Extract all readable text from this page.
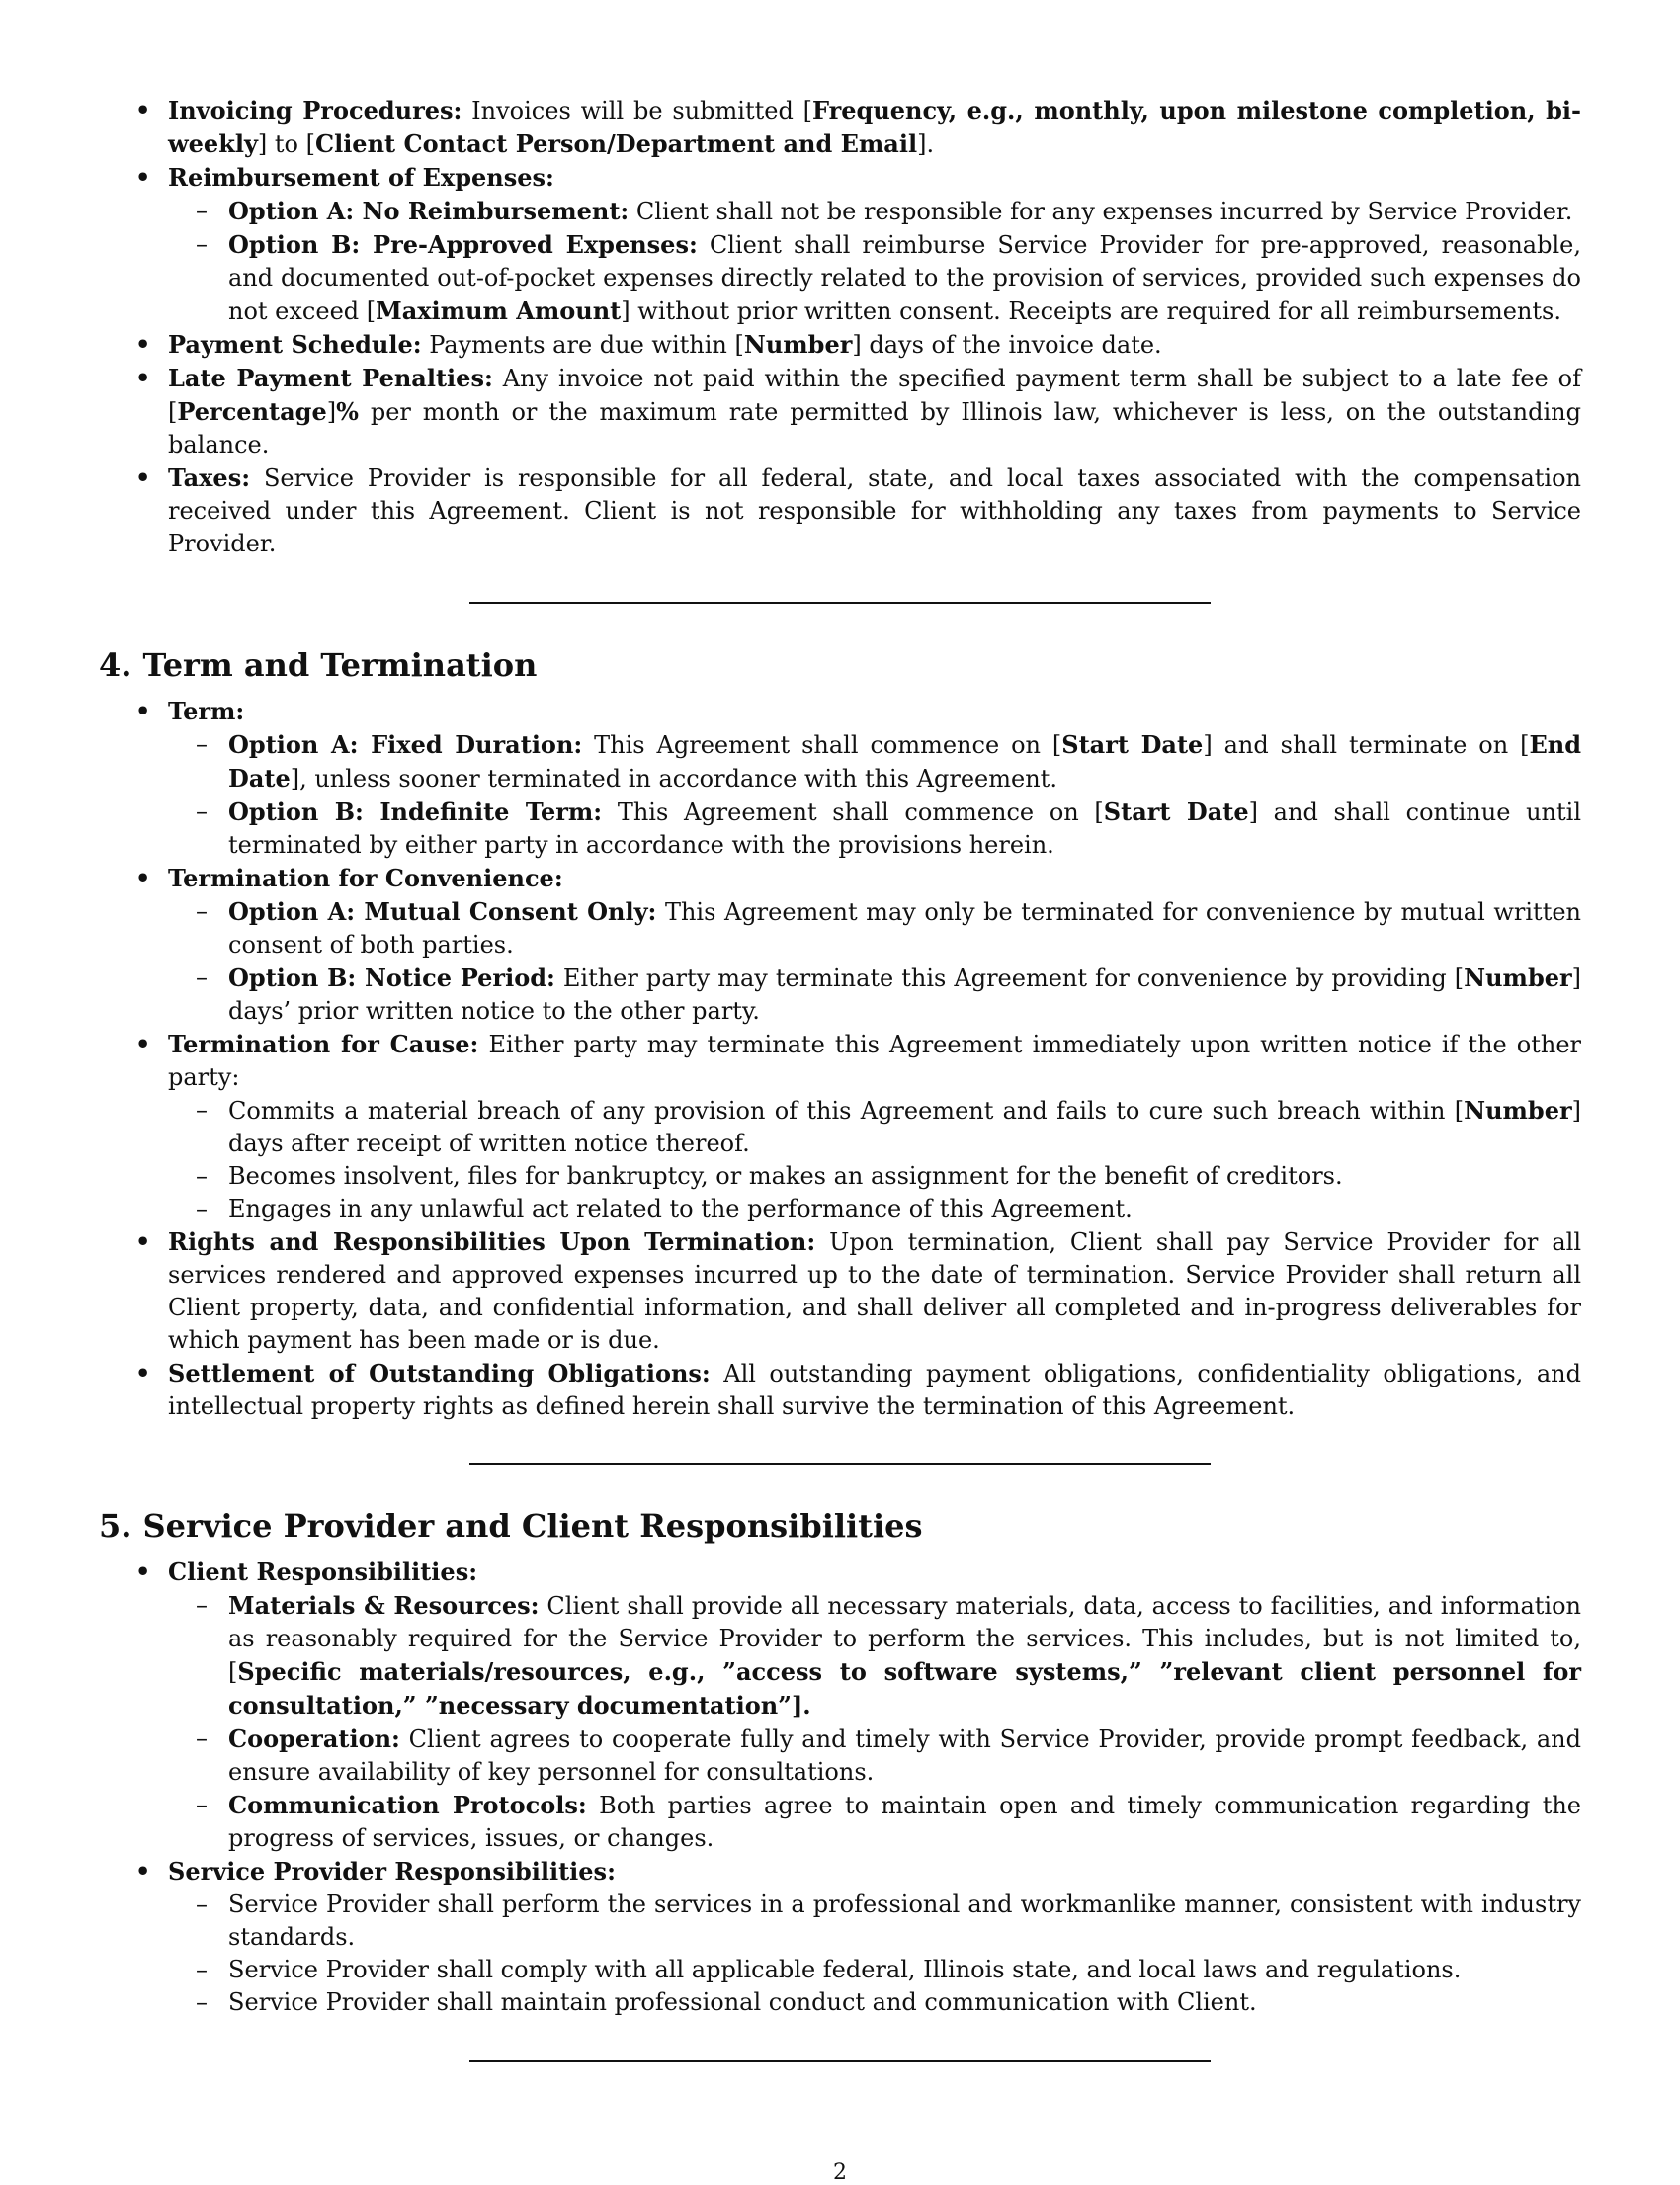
• Invoicing Procedures: Invoices will be submitted [Frequency, e.g., monthly, upon milestone completion, bi-weekly] to [Client Contact Person/Department and Email].
• Reimbursement of Expenses:
– Option A: No Reimbursement: Client shall not be responsible for any expenses incurred by Service Provider.
– Option B: Pre-Approved Expenses: Client shall reimburse Service Provider for pre-approved, reasonable, and documented out-of-pocket expenses directly related to the provision of services, provided such expenses do not exceed [Maximum Amount] without prior written consent. Receipts are required for all reimbursements.
• Payment Schedule: Payments are due within [Number] days of the invoice date.
• Late Payment Penalties: Any invoice not paid within the specified payment term shall be subject to a late fee of [Percentage]% per month or the maximum rate permitted by Illinois law, whichever is less, on the outstanding balance.
• Taxes: Service Provider is responsible for all federal, state, and local taxes associated with the compensation received under this Agreement. Client is not responsible for withholding any taxes from payments to Service Provider.
4. Term and Termination
• Term:
– Option A: Fixed Duration: This Agreement shall commence on [Start Date] and shall terminate on [End Date], unless sooner terminated in accordance with this Agreement.
– Option B: Indefinite Term: This Agreement shall commence on [Start Date] and shall continue until terminated by either party in accordance with the provisions herein.
• Termination for Convenience:
– Option A: Mutual Consent Only: This Agreement may only be terminated for convenience by mutual written consent of both parties.
– Option B: Notice Period: Either party may terminate this Agreement for convenience by providing [Number] days’ prior written notice to the other party.
• Termination for Cause: Either party may terminate this Agreement immediately upon written notice if the other party:
– Commits a material breach of any provision of this Agreement and fails to cure such breach within [Number] days after receipt of written notice thereof.
– Becomes insolvent, files for bankruptcy, or makes an assignment for the benefit of creditors.
– Engages in any unlawful act related to the performance of this Agreement.
• Rights and Responsibilities Upon Termination: Upon termination, Client shall pay Service Provider for all services rendered and approved expenses incurred up to the date of termination. Service Provider shall return all Client property, data, and confidential information, and shall deliver all completed and in-progress deliverables for which payment has been made or is due.
• Settlement of Outstanding Obligations: All outstanding payment obligations, confidentiality obligations, and intellectual property rights as defined herein shall survive the termination of this Agreement.
5. Service Provider and Client Responsibilities
• Client Responsibilities:
– Materials & Resources: Client shall provide all necessary materials, data, access to facilities, and information as reasonably required for the Service Provider to perform the services. This includes, but is not limited to, [Specific materials/resources, e.g., ”access to software systems,” ”relevant client personnel for consultation,” ”necessary documentation”].
– Cooperation: Client agrees to cooperate fully and timely with Service Provider, provide prompt feedback, and ensure availability of key personnel for consultations.
– Communication Protocols: Both parties agree to maintain open and timely communication regarding the progress of services, issues, or changes.
• Service Provider Responsibilities:
– Service Provider shall perform the services in a professional and workmanlike manner, consistent with industry standards.
– Service Provider shall comply with all applicable federal, Illinois state, and local laws and regulations.
– Service Provider shall maintain professional conduct and communication with Client.
2
